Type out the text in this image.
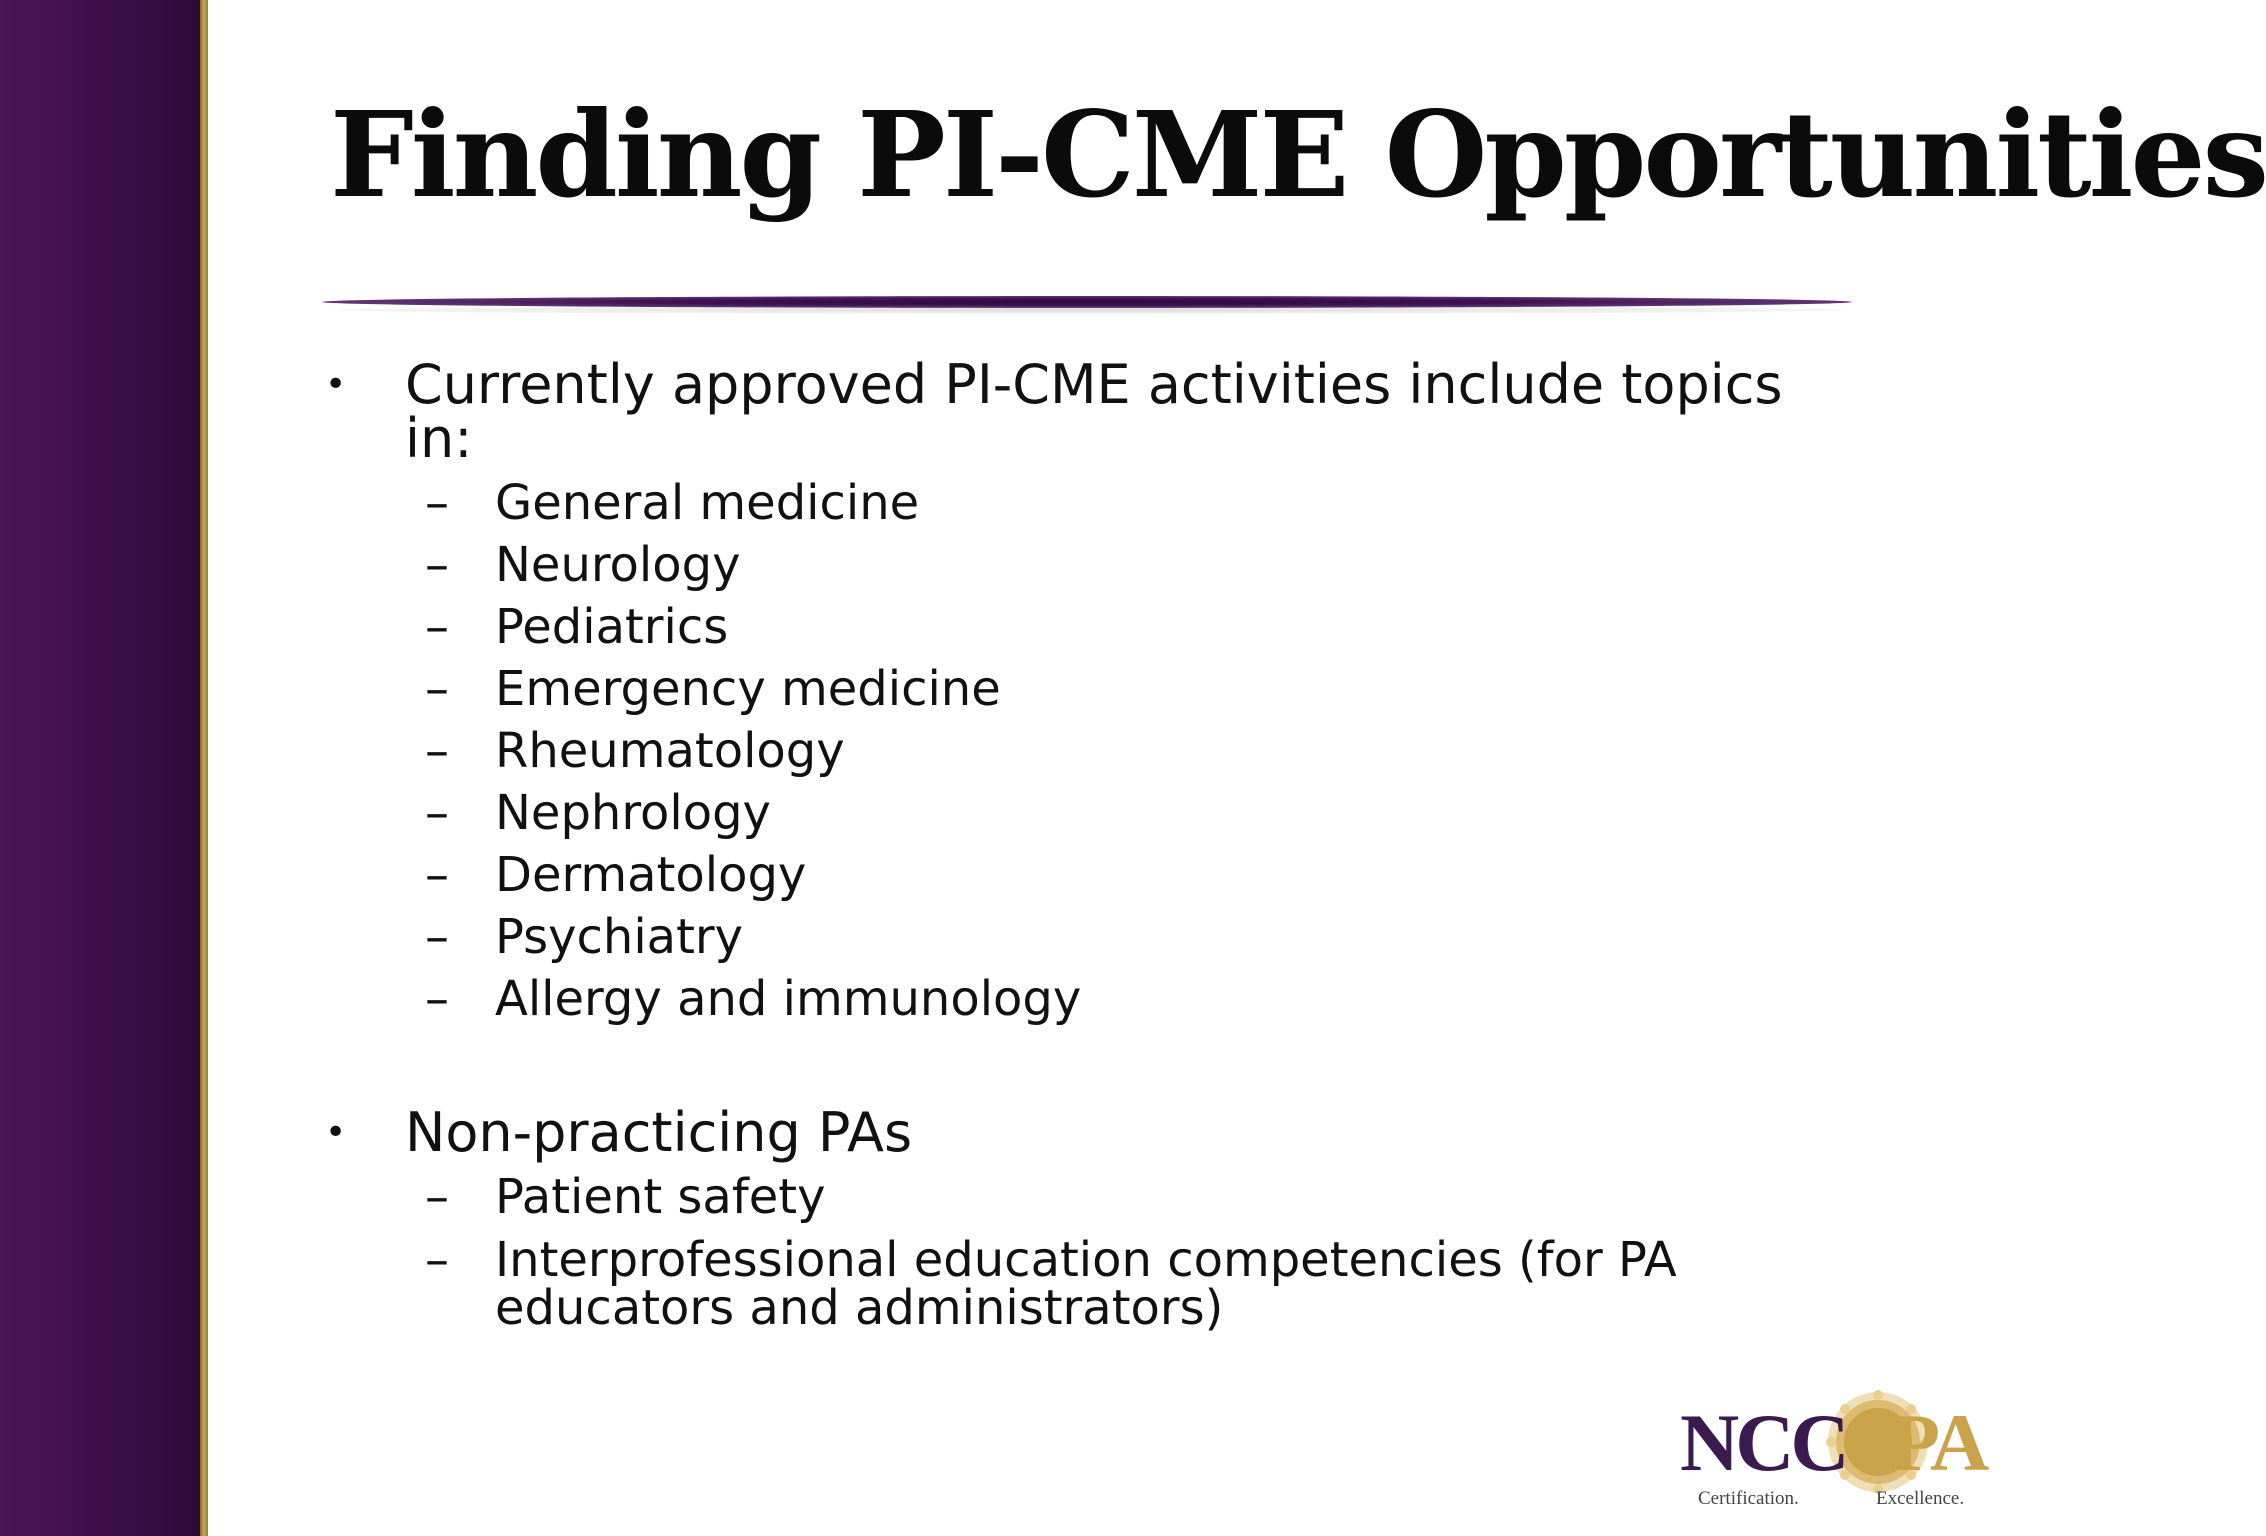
Finding PI-CME Opportunities
•	Currently approved PI-CME activities include topics in:
– General medicine
– Neurology
– Pediatrics
– Emergency medicine
– Rheumatology
– Nephrology
– Dermatology
– Psychiatry
– Allergy and immunology
•	Non-practicing PAs
– Patient safety
– Interprofessional education competencies (for PA educators and administrators)
NCC PA
Certification.	Excellence.
